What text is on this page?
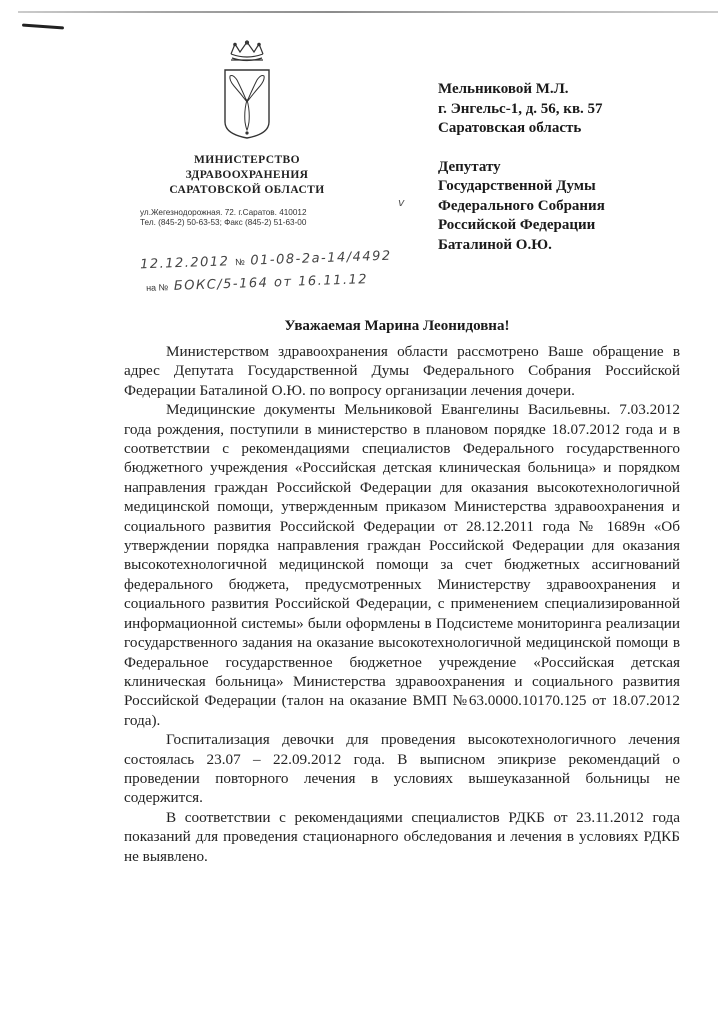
МИНИСТЕРСТВО
ЗДРАВООХРАНЕНИЯ
САРАТОВСКОЙ ОБЛАСТИ
ул.Жегезнодорожная. 72. г.Саратов. 410012
Тел. (845-2) 50-63-53; Факс (845-2) 51-63-00
12.12.2012 № 01-08-2а-14/4492
на № БОКС/5-164 от 16.11.12
v
Мельниковой М.Л.
г. Энгельс-1, д. 56, кв. 57
Саратовская область
Депутату
Государственной Думы
Федерального Собрания
Российской Федерации
Баталиной О.Ю.
Уважаемая Марина Леонидовна!

Министерством здравоохранения области рассмотрено Ваше обращение в адрес Депутата Государственной Думы Федерального Собрания Российской Федерации Баталиной О.Ю. по вопросу организации лечения дочери.

Медицинские документы Мельниковой Евангелины Васильевны. 7.03.2012 года рождения, поступили в министерство в плановом порядке 18.07.2012 года и в соответствии с рекомендациями специалистов Федерального государственного бюджетного учреждения «Российская детская клиническая больница» и порядком направления граждан Российской Федерации для оказания высокотехнологичной медицинской помощи, утвержденным приказом Министерства здравоохранения и социального развития Российской Федерации от 28.12.2011 года № 1689н «Об утверждении порядка направления граждан Российской Федерации для оказания высокотехнологичной медицинской помощи за счет бюджетных ассигнований федерального бюджета, предусмотренных Министерству здравоохранения и социального развития Российской Федерации, с применением специализированной информационной системы» были оформлены в Подсистеме мониторинга реализации государственного задания на оказание высокотехнологичной медицинской помощи в Федеральное государственное бюджетное учреждение «Российская детская клиническая больница» Министерства здравоохранения и социального развития Российской Федерации (талон на оказание ВМП №63.0000.10170.125 от 18.07.2012 года).

Госпитализация девочки для проведения высокотехнологичного лечения состоялась 23.07 – 22.09.2012 года. В выписном эпикризе рекомендаций о проведении повторного лечения в условиях вышеуказанной больницы не содержится.

В соответствии с рекомендациями специалистов РДКБ от 23.11.2012 года показаний для проведения стационарного обследования и лечения в условиях РДКБ не выявлено.
